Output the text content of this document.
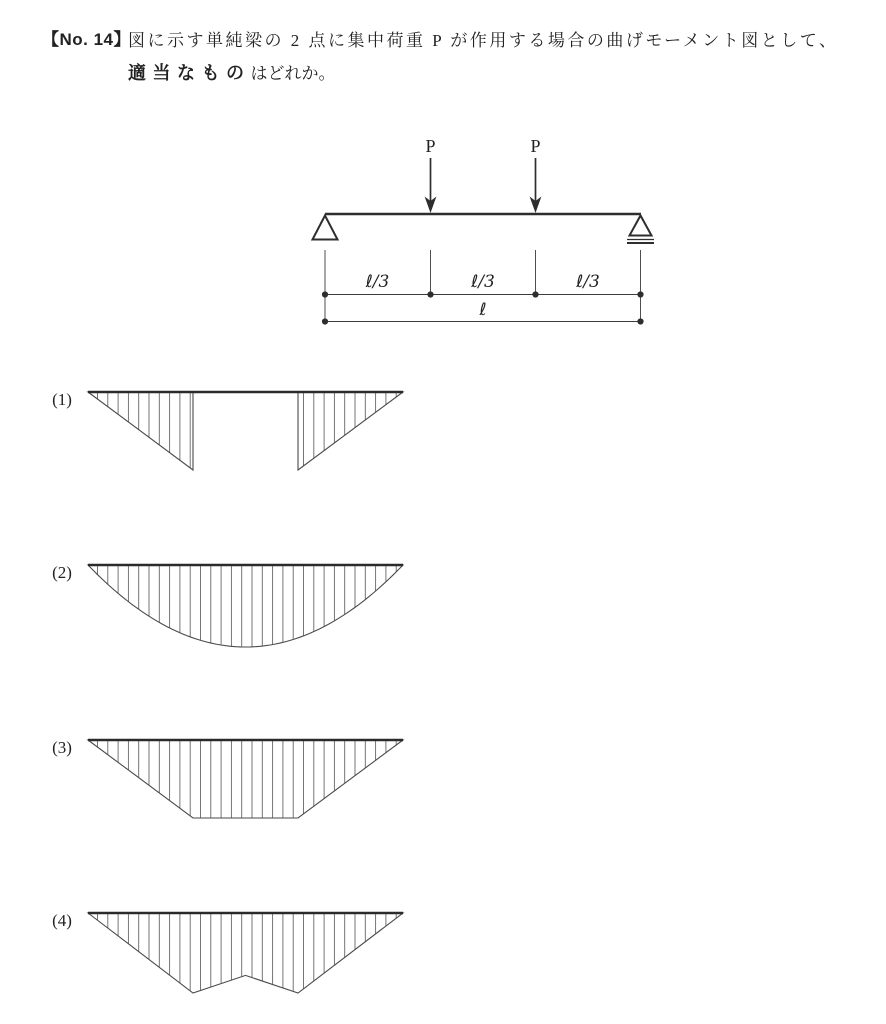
【No. 14】
図に示す単純梁の 2 点に集中荷重 P が作用する場合の曲げモーメント図として、
適当なものはどれか。
P	P
ℓ/3	ℓ/3	ℓ/3
ℓ
(1)
(2)
(3)
(4)
